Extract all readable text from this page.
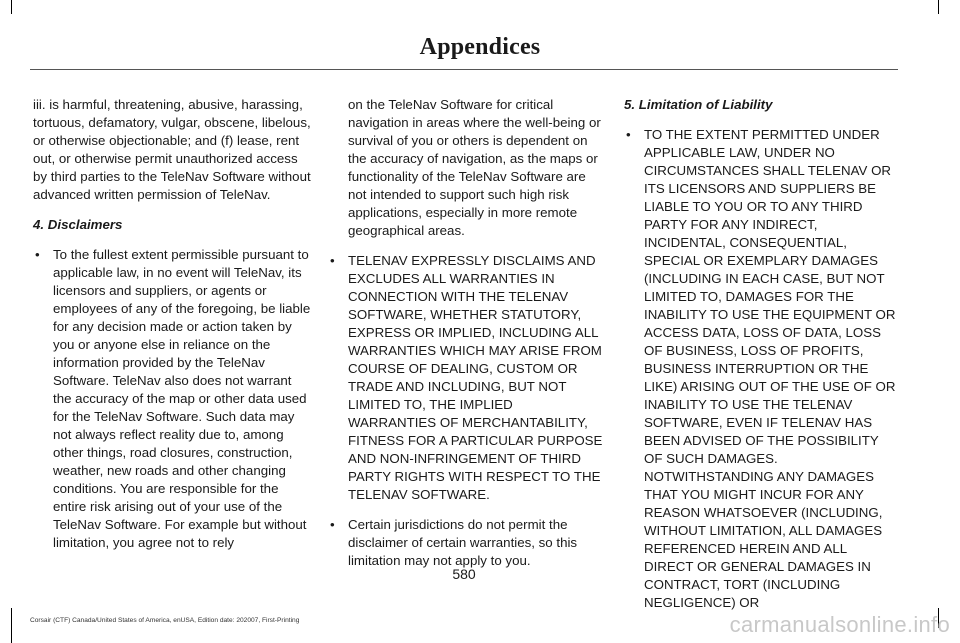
Appendices

iii. is harmful, threatening, abusive, harassing, tortuous, defamatory, vulgar, obscene, libelous, or otherwise objectionable; and (f) lease, rent out, or otherwise permit unauthorized access by third parties to the TeleNav Software without advanced written permission of TeleNav.

4. Disclaimers
• To the fullest extent permissible pursuant to applicable law, in no event will TeleNav, its licensors and suppliers, or agents or employees of any of the foregoing, be liable for any decision made or action taken by you or anyone else in reliance on the information provided by the TeleNav Software. TeleNav also does not warrant the accuracy of the map or other data used for the TeleNav Software. Such data may not always reflect reality due to, among other things, road closures, construction, weather, new roads and other changing conditions. You are responsible for the entire risk arising out of your use of the TeleNav Software. For example but without limitation, you agree not to rely

on the TeleNav Software for critical navigation in areas where the well-being or survival of you or others is dependent on the accuracy of navigation, as the maps or functionality of the TeleNav Software are not intended to support such high risk applications, especially in more remote geographical areas.

• TELENAV EXPRESSLY DISCLAIMS AND EXCLUDES ALL WARRANTIES IN CONNECTION WITH THE TELENAV SOFTWARE, WHETHER STATUTORY, EXPRESS OR IMPLIED, INCLUDING ALL WARRANTIES WHICH MAY ARISE FROM COURSE OF DEALING, CUSTOM OR TRADE AND INCLUDING, BUT NOT LIMITED TO, THE IMPLIED WARRANTIES OF MERCHANTABILITY, FITNESS FOR A PARTICULAR PURPOSE AND NON-INFRINGEMENT OF THIRD PARTY RIGHTS WITH RESPECT TO THE TELENAV SOFTWARE.
• Certain jurisdictions do not permit the disclaimer of certain warranties, so this limitation may not apply to you.
5. Limitation of Liability
• TO THE EXTENT PERMITTED UNDER APPLICABLE LAW, UNDER NO CIRCUMSTANCES SHALL TELENAV OR ITS LICENSORS AND SUPPLIERS BE LIABLE TO YOU OR TO ANY THIRD PARTY FOR ANY INDIRECT, INCIDENTAL, CONSEQUENTIAL, SPECIAL OR EXEMPLARY DAMAGES (INCLUDING IN EACH CASE, BUT NOT LIMITED TO, DAMAGES FOR THE INABILITY TO USE THE EQUIPMENT OR ACCESS DATA, LOSS OF DATA, LOSS OF BUSINESS, LOSS OF PROFITS, BUSINESS INTERRUPTION OR THE LIKE) ARISING OUT OF THE USE OF OR INABILITY TO USE THE TELENAV SOFTWARE, EVEN IF TELENAV HAS BEEN ADVISED OF THE POSSIBILITY OF SUCH DAMAGES. NOTWITHSTANDING ANY DAMAGES THAT YOU MIGHT INCUR FOR ANY REASON WHATSOEVER (INCLUDING, WITHOUT LIMITATION, ALL DAMAGES REFERENCED HEREIN AND ALL DIRECT OR GENERAL DAMAGES IN CONTRACT, TORT (INCLUDING NEGLIGENCE) OR
580
Corsair (CTF) Canada/United States of America, enUSA, Edition date: 202007, First-Printing	carmanualsonline.info
